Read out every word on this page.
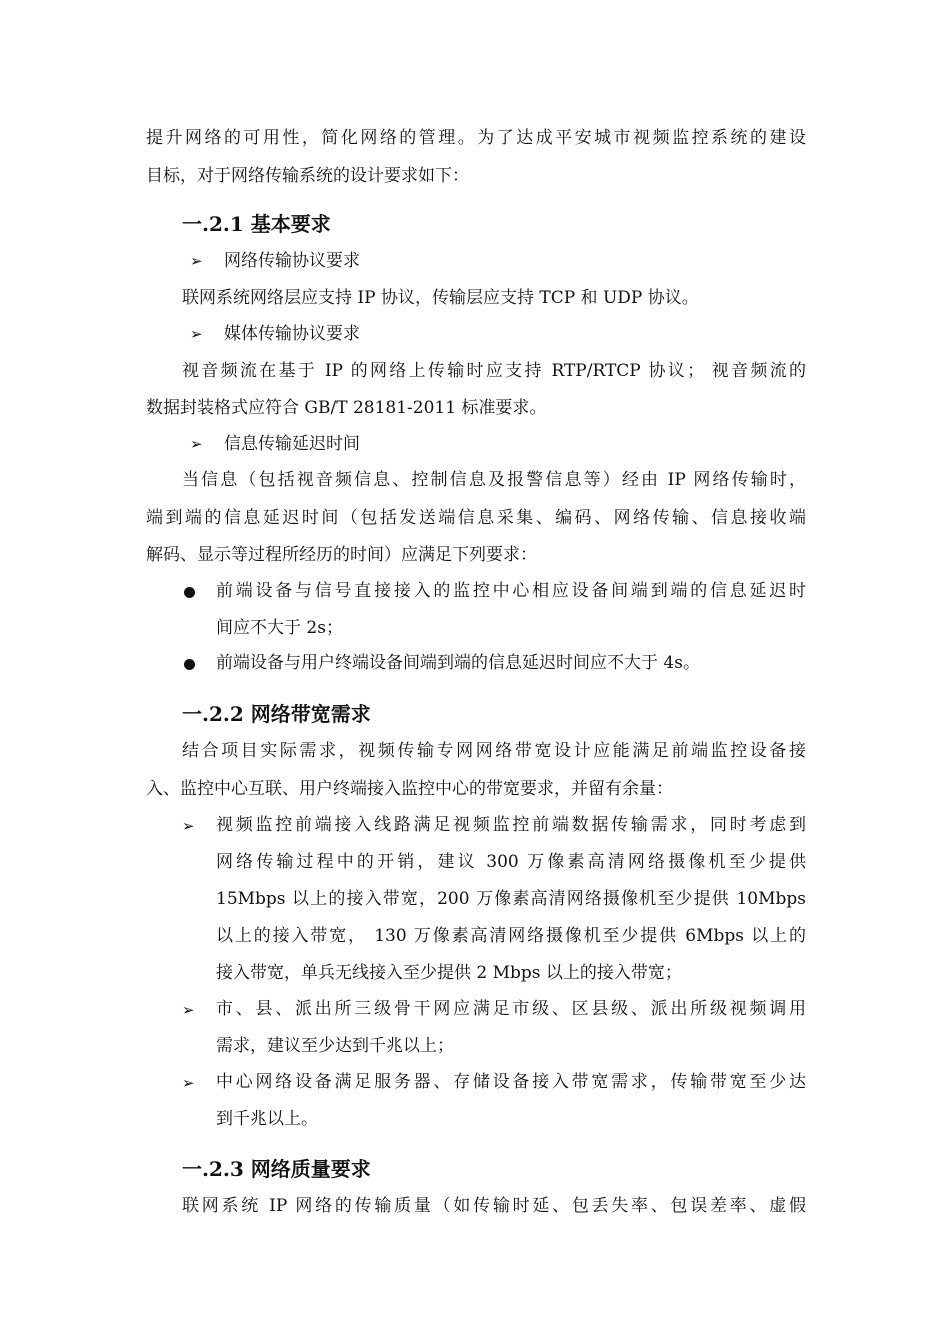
提升网络的可用性，简化网络的管理。为了达成平安城市视频监控系统的建设
目标，对于网络传输系统的设计要求如下：
一.2.1 基本要求
➢ 网络传输协议要求
联网系统网络层应支持 IP 协议，传输层应支持 TCP 和 UDP 协议。
➢ 媒体传输协议要求
视音频流在基于 IP 的网络上传输时应支持 RTP/RTCP 协议； 视音频流的
数据封装格式应符合 GB/T 28181-2011 标准要求。
➢ 信息传输延迟时间
当信息（包括视音频信息、控制信息及报警信息等）经由 IP 网络传输时，
端到端的信息延迟时间（包括发送端信息采集、编码、网络传输、信息接收端
解码、显示等过程所经历的时间）应满足下列要求：
前端设备与信号直接接入的监控中心相应设备间端到端的信息延迟时
间应不大于 2s；
前端设备与用户终端设备间端到端的信息延迟时间应不大于 4s。
一.2.2 网络带宽需求
结合项目实际需求，视频传输专网网络带宽设计应能满足前端监控设备接
入、监控中心互联、用户终端接入监控中心的带宽要求，并留有余量：
➢ 视频监控前端接入线路满足视频监控前端数据传输需求，同时考虑到
网络传输过程中的开销，建议 300 万像素高清网络摄像机至少提供
15Mbps 以上的接入带宽，200 万像素高清网络摄像机至少提供 10Mbps
以上的接入带宽， 130 万像素高清网络摄像机至少提供 6Mbps 以上的
接入带宽，单兵无线接入至少提供 2 Mbps 以上的接入带宽；
➢ 市、县、派出所三级骨干网应满足市级、区县级、派出所级视频调用
需求，建议至少达到千兆以上；
➢ 中心网络设备满足服务器、存储设备接入带宽需求，传输带宽至少达
到千兆以上。
一.2.3 网络质量要求
联网系统 IP 网络的传输质量（如传输时延、包丢失率、包误差率、虚假
